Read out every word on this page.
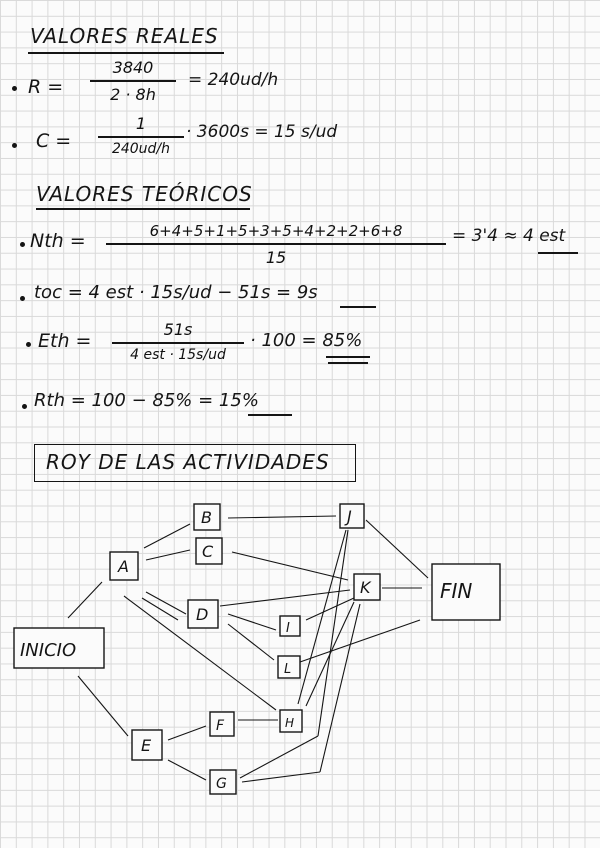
VALORES REALES
R =
3840
2 · 8h
= 240ud/h
C =
1
240ud/h
· 3600s = 15 s/ud
VALORES TEÓRICOS
Nth =	6+4+5+1+5+3+5+4+2+2+6+8
15
= 3'4 ≈ 4 est
toc = 4 est · 15s/ud − 51s = 9s
Eth =
51s
4 est · 15s/ud
· 100 = 85%
Rth = 100 − 85% = 15%
ROY DE LAS ACTIVIDADES
INICIO
A
B
C
D
E
F
G
H
I
J
K
L
FIN
